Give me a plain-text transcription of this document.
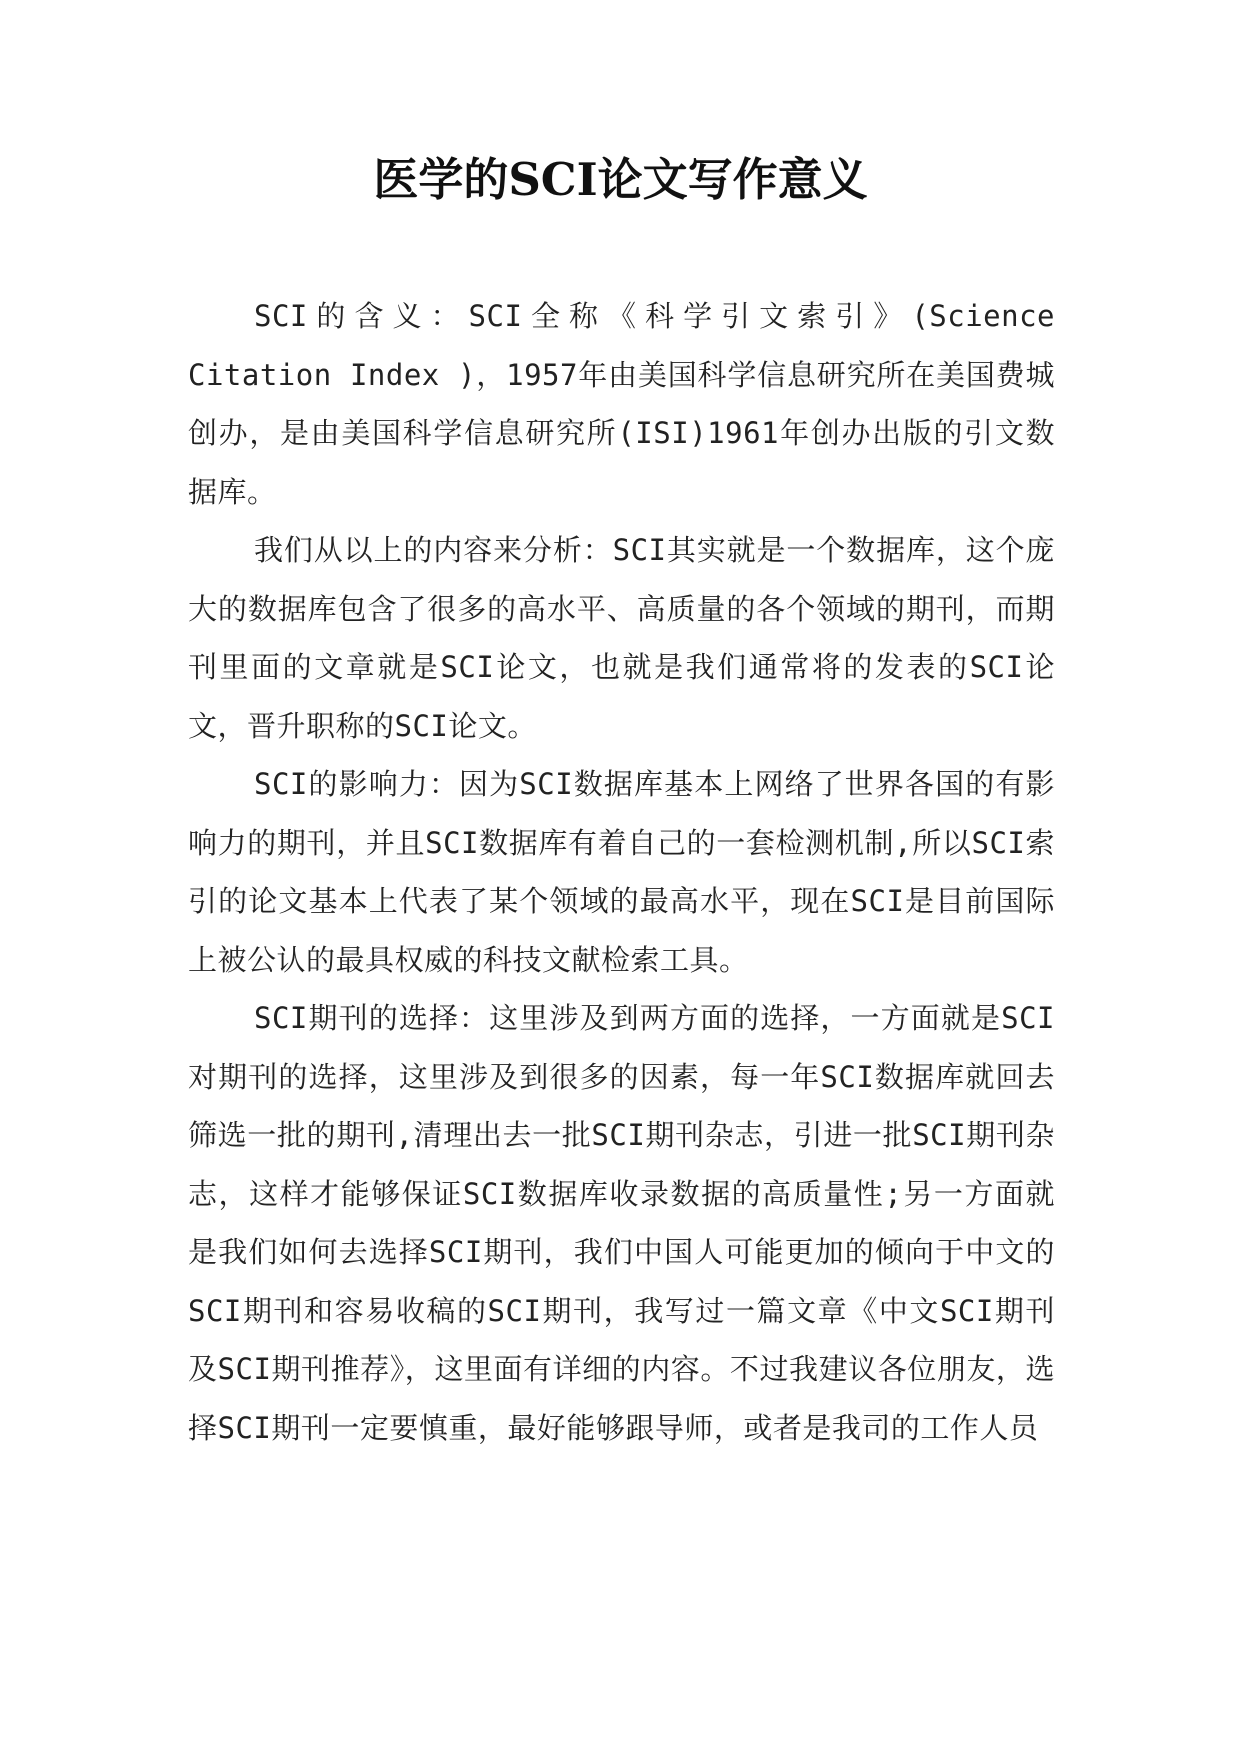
医学的SCI论文写作意义

SCI的含义：SCI全称《科学引文索引》(Science Citation Index )，1957年由美国科学信息研究所在美国费城创办，是由美国科学信息研究所(ISI)1961年创办出版的引文数据库。

我们从以上的内容来分析：SCI其实就是一个数据库，这个庞大的数据库包含了很多的高水平、高质量的各个领域的期刊，而期刊里面的文章就是SCI论文，也就是我们通常将的发表的SCI论文，晋升职称的SCI论文。

SCI的影响力：因为SCI数据库基本上网络了世界各国的有影响力的期刊，并且SCI数据库有着自己的一套检测机制,所以SCI索引的论文基本上代表了某个领域的最高水平，现在SCI是目前国际上被公认的最具权威的科技文献检索工具。

SCI期刊的选择：这里涉及到两方面的选择，一方面就是SCI对期刊的选择，这里涉及到很多的因素，每一年SCI数据库就回去筛选一批的期刊,清理出去一批SCI期刊杂志，引进一批SCI期刊杂志，这样才能够保证SCI数据库收录数据的高质量性;另一方面就是我们如何去选择SCI期刊，我们中国人可能更加的倾向于中文的SCI期刊和容易收稿的SCI期刊，我写过一篇文章《中文SCI期刊及SCI期刊推荐》，这里面有详细的内容。不过我建议各位朋友，选择SCI期刊一定要慎重，最好能够跟导师，或者是我司的工作人员
